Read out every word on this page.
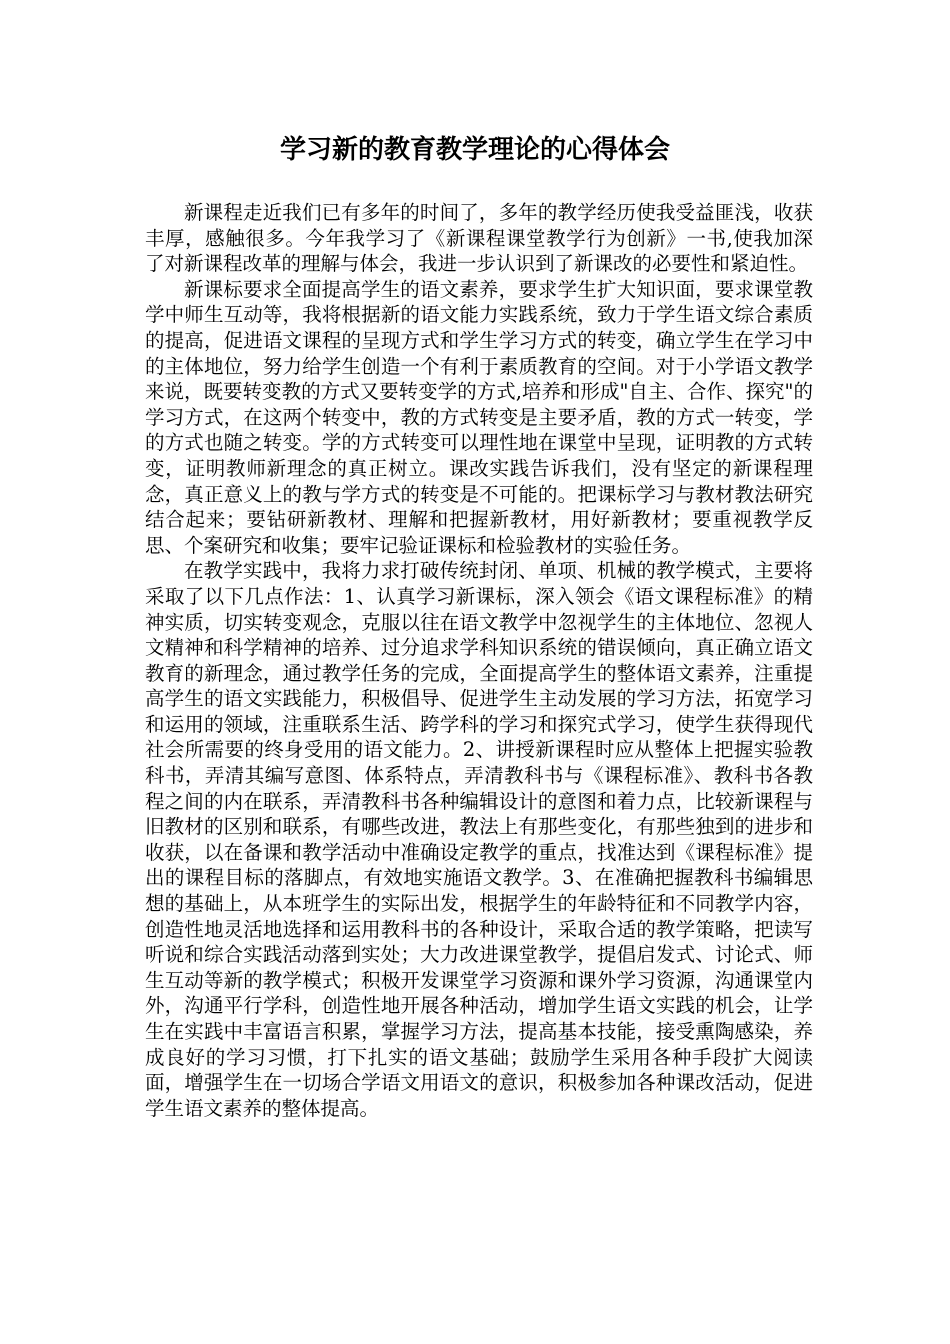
学习新的教育教学理论的心得体会

新课程走近我们已有多年的时间了，多年的教学经历使我受益匪浅，收获丰厚，感触很多。今年我学习了《新课程课堂教学行为创新》一书,使我加深了对新课程改革的理解与体会，我进一步认识到了新课改的必要性和紧迫性。

新课标要求全面提高学生的语文素养，要求学生扩大知识面，要求课堂教学中师生互动等，我将根据新的语文能力实践系统，致力于学生语文综合素质的提高，促进语文课程的呈现方式和学生学习方式的转变，确立学生在学习中的主体地位，努力给学生创造一个有利于素质教育的空间。对于小学语文教学来说，既要转变教的方式又要转变学的方式,培养和形成"自主、合作、探究"的学习方式，在这两个转变中，教的方式转变是主要矛盾，教的方式一转变，学的方式也随之转变。学的方式转变可以理性地在课堂中呈现，证明教的方式转变，证明教师新理念的真正树立。课改实践告诉我们，没有坚定的新课程理念，真正意义上的教与学方式的转变是不可能的。把课标学习与教材教法研究结合起来；要钻研新教材、理解和把握新教材，用好新教材；要重视教学反思、个案研究和收集；要牢记验证课标和检验教材的实验任务。

在教学实践中，我将力求打破传统封闭、单项、机械的教学模式，主要将采取了以下几点作法：1、认真学习新课标，深入领会《语文课程标准》的精神实质，切实转变观念，克服以往在语文教学中忽视学生的主体地位、忽视人文精神和科学精神的培养、过分追求学科知识系统的错误倾向，真正确立语文教育的新理念，通过教学任务的完成，全面提高学生的整体语文素养，注重提高学生的语文实践能力，积极倡导、促进学生主动发展的学习方法，拓宽学习和运用的领域，注重联系生活、跨学科的学习和探究式学习，使学生获得现代社会所需要的终身受用的语文能力。2、讲授新课程时应从整体上把握实验教科书，弄清其编写意图、体系特点，弄清教科书与《课程标准》、教科书各教程之间的内在联系，弄清教科书各种编辑设计的意图和着力点，比较新课程与旧教材的区别和联系，有哪些改进，教法上有那些变化，有那些独到的进步和收获，以在备课和教学活动中准确设定教学的重点，找准达到《课程标准》提出的课程目标的落脚点，有效地实施语文教学。3、在准确把握教科书编辑思想的基础上，从本班学生的实际出发，根据学生的年龄特征和不同教学内容，创造性地灵活地选择和运用教科书的各种设计，采取合适的教学策略，把读写听说和综合实践活动落到实处；大力改进课堂教学，提倡启发式、讨论式、师生互动等新的教学模式；积极开发课堂学习资源和课外学习资源，沟通课堂内外，沟通平行学科，创造性地开展各种活动，增加学生语文实践的机会，让学生在实践中丰富语言积累，掌握学习方法，提高基本技能，接受熏陶感染，养成良好的学习习惯，打下扎实的语文基础；鼓励学生采用各种手段扩大阅读面，增强学生在一切场合学语文用语文的意识，积极参加各种课改活动，促进学生语文素养的整体提高。
